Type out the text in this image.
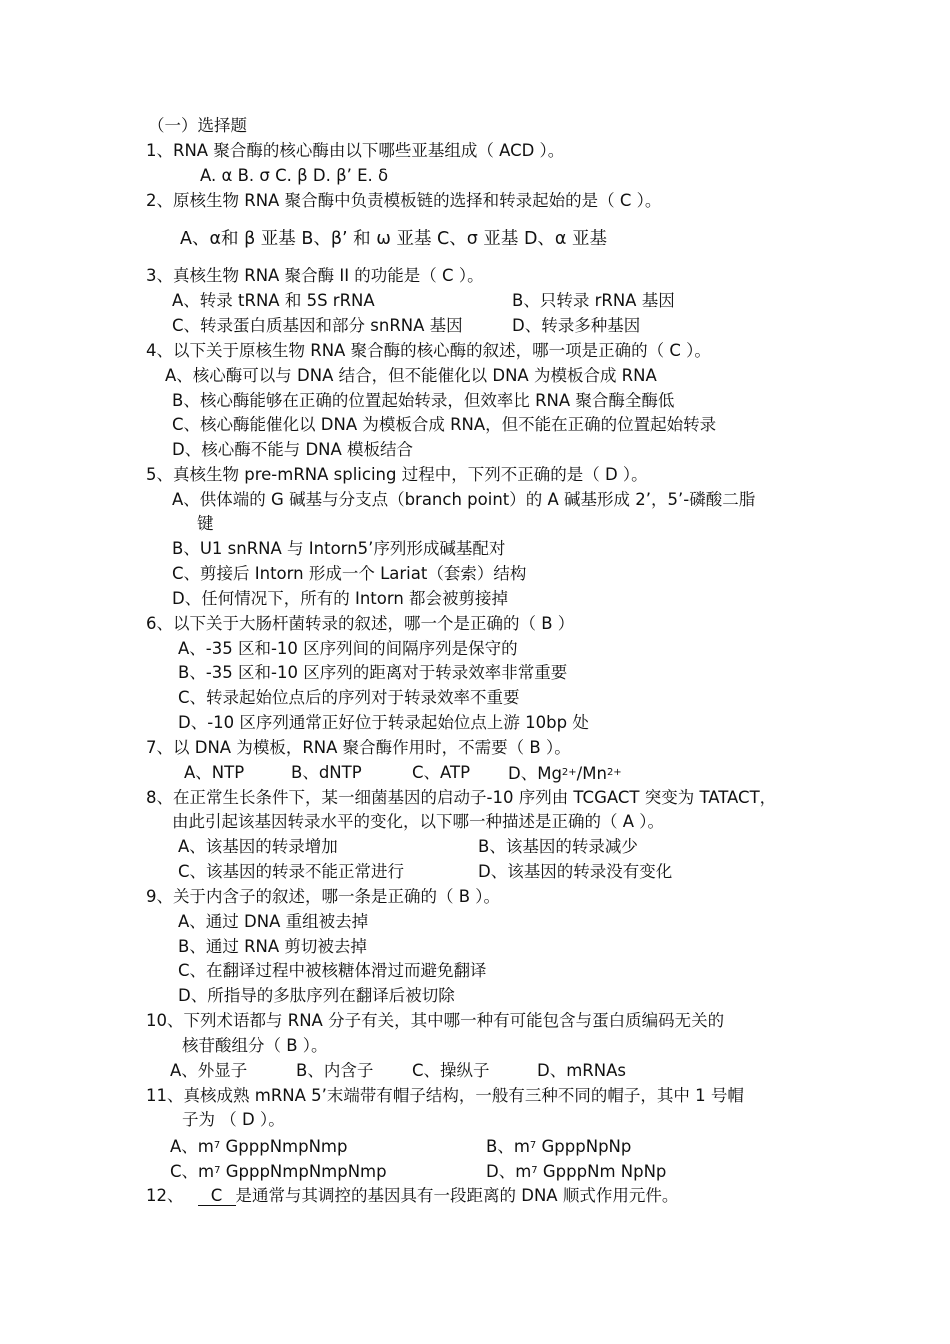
（一）选择题
1、RNA 聚合酶的核心酶由以下哪些亚基组成（ ACD ）。
A. α B. σ C. β D. β’ E. δ
2、原核生物 RNA 聚合酶中负责模板链的选择和转录起始的是（ C ）。
A、α和 β 亚基 B、β’ 和 ω 亚基 C、σ 亚基 D、α 亚基
3、真核生物 RNA 聚合酶 II 的功能是（ C ）。
A、转录 tRNA 和 5S rRNA	B、只转录 rRNA 基因
C、转录蛋白质基因和部分 snRNA 基因	D、转录多种基因
4、以下关于原核生物 RNA 聚合酶的核心酶的叙述，哪一项是正确的（ C ）。
A、核心酶可以与 DNA 结合，但不能催化以 DNA 为模板合成 RNA
B、核心酶能够在正确的位置起始转录，但效率比 RNA 聚合酶全酶低
C、核心酶能催化以 DNA 为模板合成 RNA，但不能在正确的位置起始转录
D、核心酶不能与 DNA 模板结合
5、真核生物 pre-mRNA splicing 过程中，下列不正确的是（ D ）。
A、供体端的 G 碱基与分支点（branch point）的 A 碱基形成 2’，5’-磷酸二脂
键
B、U1 snRNA 与 Intorn5’序列形成碱基配对
C、剪接后 Intorn 形成一个 Lariat（套索）结构
D、任何情况下，所有的 Intorn 都会被剪接掉
6、以下关于大肠杆菌转录的叙述，哪一个是正确的（ B ）
A、-35 区和-10 区序列间的间隔序列是保守的
B、-35 区和-10 区序列的距离对于转录效率非常重要
C、转录起始位点后的序列对于转录效率不重要
D、-10 区序列通常正好位于转录起始位点上游 10bp 处
7、以 DNA 为模板，RNA 聚合酶作用时，不需要（ B ）。
A、NTP	B、dNTP	C、ATP D、$Mg^{2+}/Mn^{2+}$
8、在正常生长条件下，某一细菌基因的启动子-10 序列由 TCGACT 突变为 TATACT，
由此引起该基因转录水平的变化，以下哪一种描述是正确的（ A ）。
A、该基因的转录增加	B、该基因的转录减少
C、该基因的转录不能正常进行	D、该基因的转录没有变化
9、关于内含子的叙述，哪一条是正确的（ B ）。
A、通过 DNA 重组被去掉
B、通过 RNA 剪切被去掉
C、在翻译过程中被核糖体滑过而避免翻译
D、所指导的多肽序列在翻译后被切除
10、下列术语都与 RNA 分子有关，其中哪一种有可能包含与蛋白质编码无关的
核苷酸组分（ B ）。
A、外显子	B、内含子 C、操纵子	D、mRNAs
11、真核成熟 mRNA 5’末端带有帽子结构，一般有三种不同的帽子，其中 1 号帽
子为 （ D ）。
A、$m^7$ GpppNmpNmp	B、$m^7$ GpppNpNp
C、$m^7$ GpppNmpNmpNmp	D、$m^7$ GpppNm NpNp
12、 C 是通常与其调控的基因具有一段距离的 DNA 顺式作用元件。
